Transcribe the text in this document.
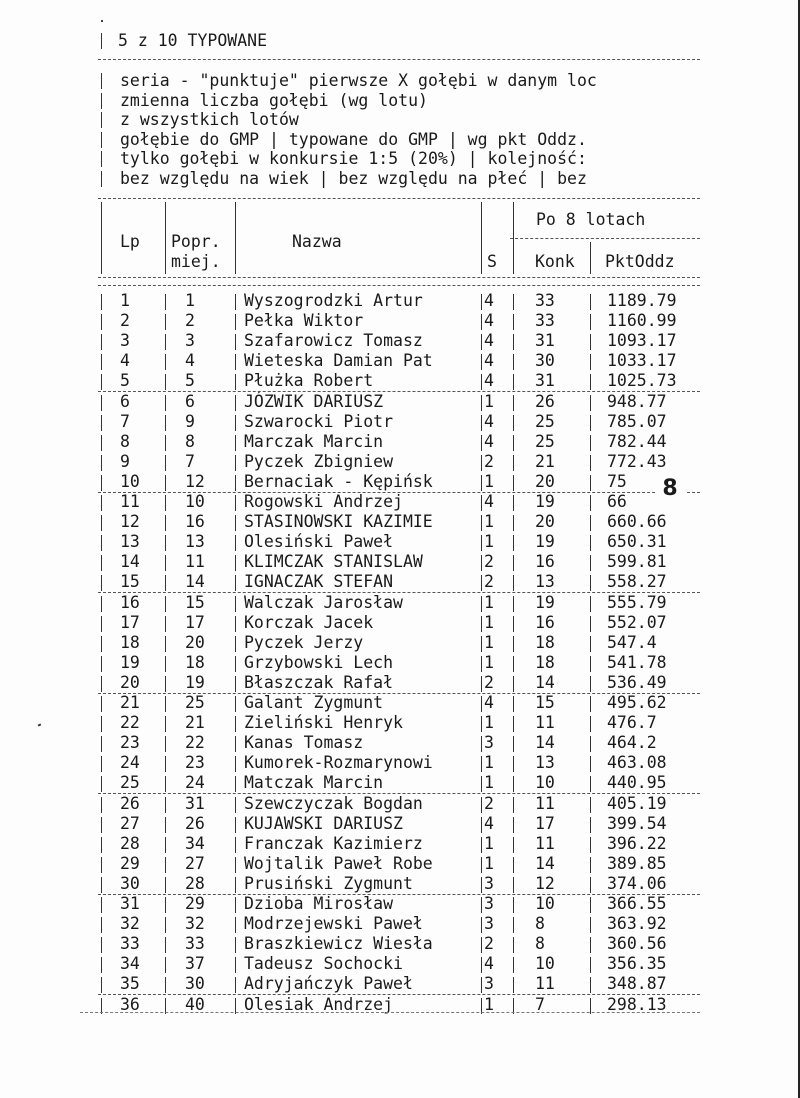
5 z 10 TYPOWANE
seria - "punktuje" pierwsze X gołębi w danym loc
zmienna liczba gołębi (wg lotu)
z wszystkich lotów
gołębie do GMP | typowane do GMP | wg pkt Oddz.
tylko gołębi w konkursie 1:5 (20%) | kolejność:
bez względu na wiek | bez względu na płeć | bez
Lp Popr.
miej.
Nazwa
S
Po 8 lotach
Konk PktOddz
1	1	Wyszogrodzki Artur	4 33	1189.79
2	2	Pełka Wiktor	4 33	1160.99
3	3	Szafarowicz Tomasz	4 31	1093.17
4	4	Wieteska Damian Pat	4 30	1033.17
5	5	Płużka Robert	4 31	1025.73
6	6	JÓZWIK DARIUSZ	1 26	948.77
7	9	Szwarocki Piotr	4 25	785.07
8	8	Marczak Marcin	4 25	782.44
9	7	Pyczek Zbigniew	2 21	772.43
10	12 Bernaciak - Kępińsk	1 20	75
11	10 Rogowski Andrzej	4 19	66
12	16 STASINOWSKI KAZIMIE	1 20	660.66
13	13 Olesiński Paweł	1 19	650.31
14	11 KLIMCZAK STANISLAW	2 16	599.81
15	14 IGNACZAK STEFAN	2 13	558.27
16	15 Walczak Jarosław	1 19	555.79
17	17 Korczak Jacek	1 16	552.07
18	20 Pyczek Jerzy	1 18	547.4
19	18 Grzybowski Lech	1 18	541.78
20	19 Błaszczak Rafał	2 14	536.49
21	25 Galant Zygmunt	4 15	495.62
22	21 Zieliński Henryk	1 11	476.7
23	22 Kanas Tomasz	3 14	464.2
24	23 Kumorek-Rozmarynowi	1 13	463.08
25	24 Matczak Marcin	1 10	440.95
26	31 Szewczyczak Bogdan	2 11	405.19
27	26 KUJAWSKI DARIUSZ	4 17	399.54
28	34 Franczak Kazimierz	1 11	396.22
29	27 Wojtalik Paweł Robe	1 14	389.85
30	28 Prusiński Zygmunt	3 12	374.06
31	29 Dzioba Mirosław	3 10	366.55
32	32 Modrzejewski Paweł	3 8	363.92
33	33 Braszkiewicz Wiesła	2 8	360.56
34	37 Tadeusz Sochocki	4 10	356.35
35	30 Adryjańczyk Paweł	3 11	348.87
36	40 Olesiak Andrzej	1 7	298.13
8
